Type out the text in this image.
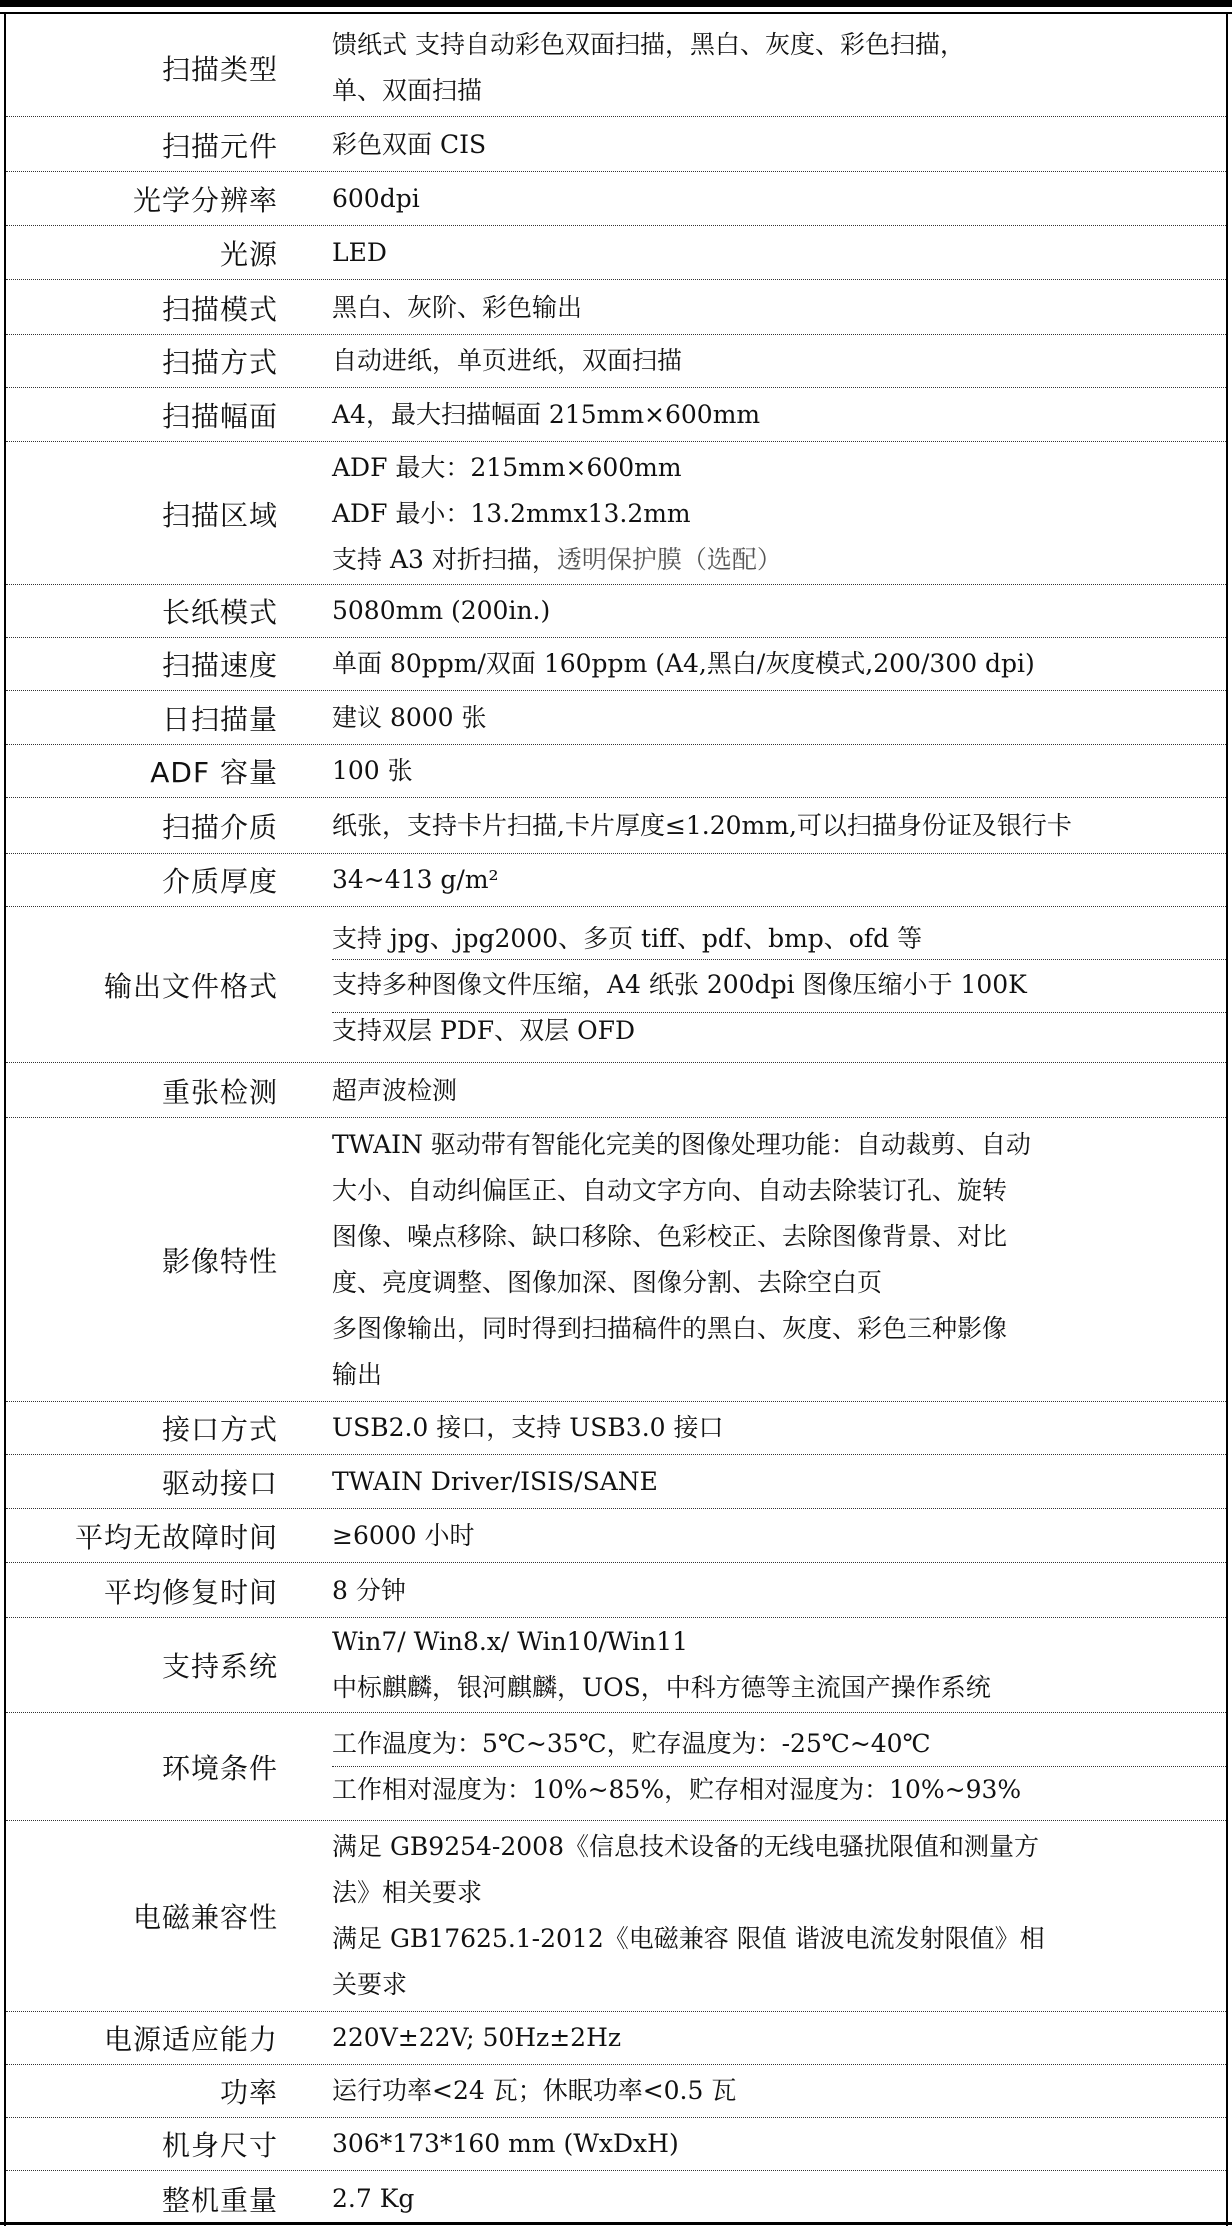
扫描类型
馈纸式 支持自动彩色双面扫描，黑白、灰度、彩色扫描，
单、双面扫描
扫描元件 彩色双面 CIS
光学分辨率 600dpi
光源 LED
扫描模式 黑白、灰阶、彩色输出
扫描方式 自动进纸，单页进纸，双面扫描
扫描幅面 A4，最大扫描幅面 215mm×600mm
扫描区域
ADF 最大：215mm×600mm
ADF 最小：13.2mmx13.2mm
支持 A3 对折扫描，透明保护膜（选配）
长纸模式 5080mm (200in.)
扫描速度 单面 80ppm/双面 160ppm (A4,黑白/灰度模式,200/300 dpi)
日扫描量 建议 8000 张
ADF 容量 100 张
扫描介质 纸张，支持卡片扫描,卡片厚度≤1.20mm,可以扫描身份证及银行卡
介质厚度 34~413 g/m²
输出文件格式
支持 jpg、jpg2000、多页 tiff、pdf、bmp、ofd 等
支持多种图像文件压缩，A4 纸张 200dpi 图像压缩小于 100K
支持双层 PDF、双层 OFD
重张检测 超声波检测
影像特性
TWAIN 驱动带有智能化完美的图像处理功能：自动裁剪、自动
大小、自动纠偏匡正、自动文字方向、自动去除装订孔、旋转
图像、噪点移除、缺口移除、色彩校正、去除图像背景、对比
度、亮度调整、图像加深、图像分割、去除空白页
多图像输出，同时得到扫描稿件的黑白、灰度、彩色三种影像
输出
接口方式 USB2.0 接口，支持 USB3.0 接口
驱动接口 TWAIN Driver/ISIS/SANE
平均无故障时间 ≥6000 小时
平均修复时间 8 分钟
支持系统
Win7/ Win8.x/ Win10/Win11
中标麒麟，银河麒麟，UOS，中科方德等主流国产操作系统
环境条件
工作温度为：5℃~35℃，贮存温度为：-25℃~40℃
工作相对湿度为：10%~85%，贮存相对湿度为：10%~93%
电磁兼容性
满足 GB9254-2008《信息技术设备的无线电骚扰限值和测量方
法》相关要求
满足 GB17625.1-2012《电磁兼容 限值 谐波电流发射限值》相
关要求
电源适应能力 220V±22V; 50Hz±2Hz
功率 运行功率<24 瓦；休眠功率<0.5 瓦
机身尺寸 306*173*160 mm (WxDxH)
整机重量 2.7 Kg
